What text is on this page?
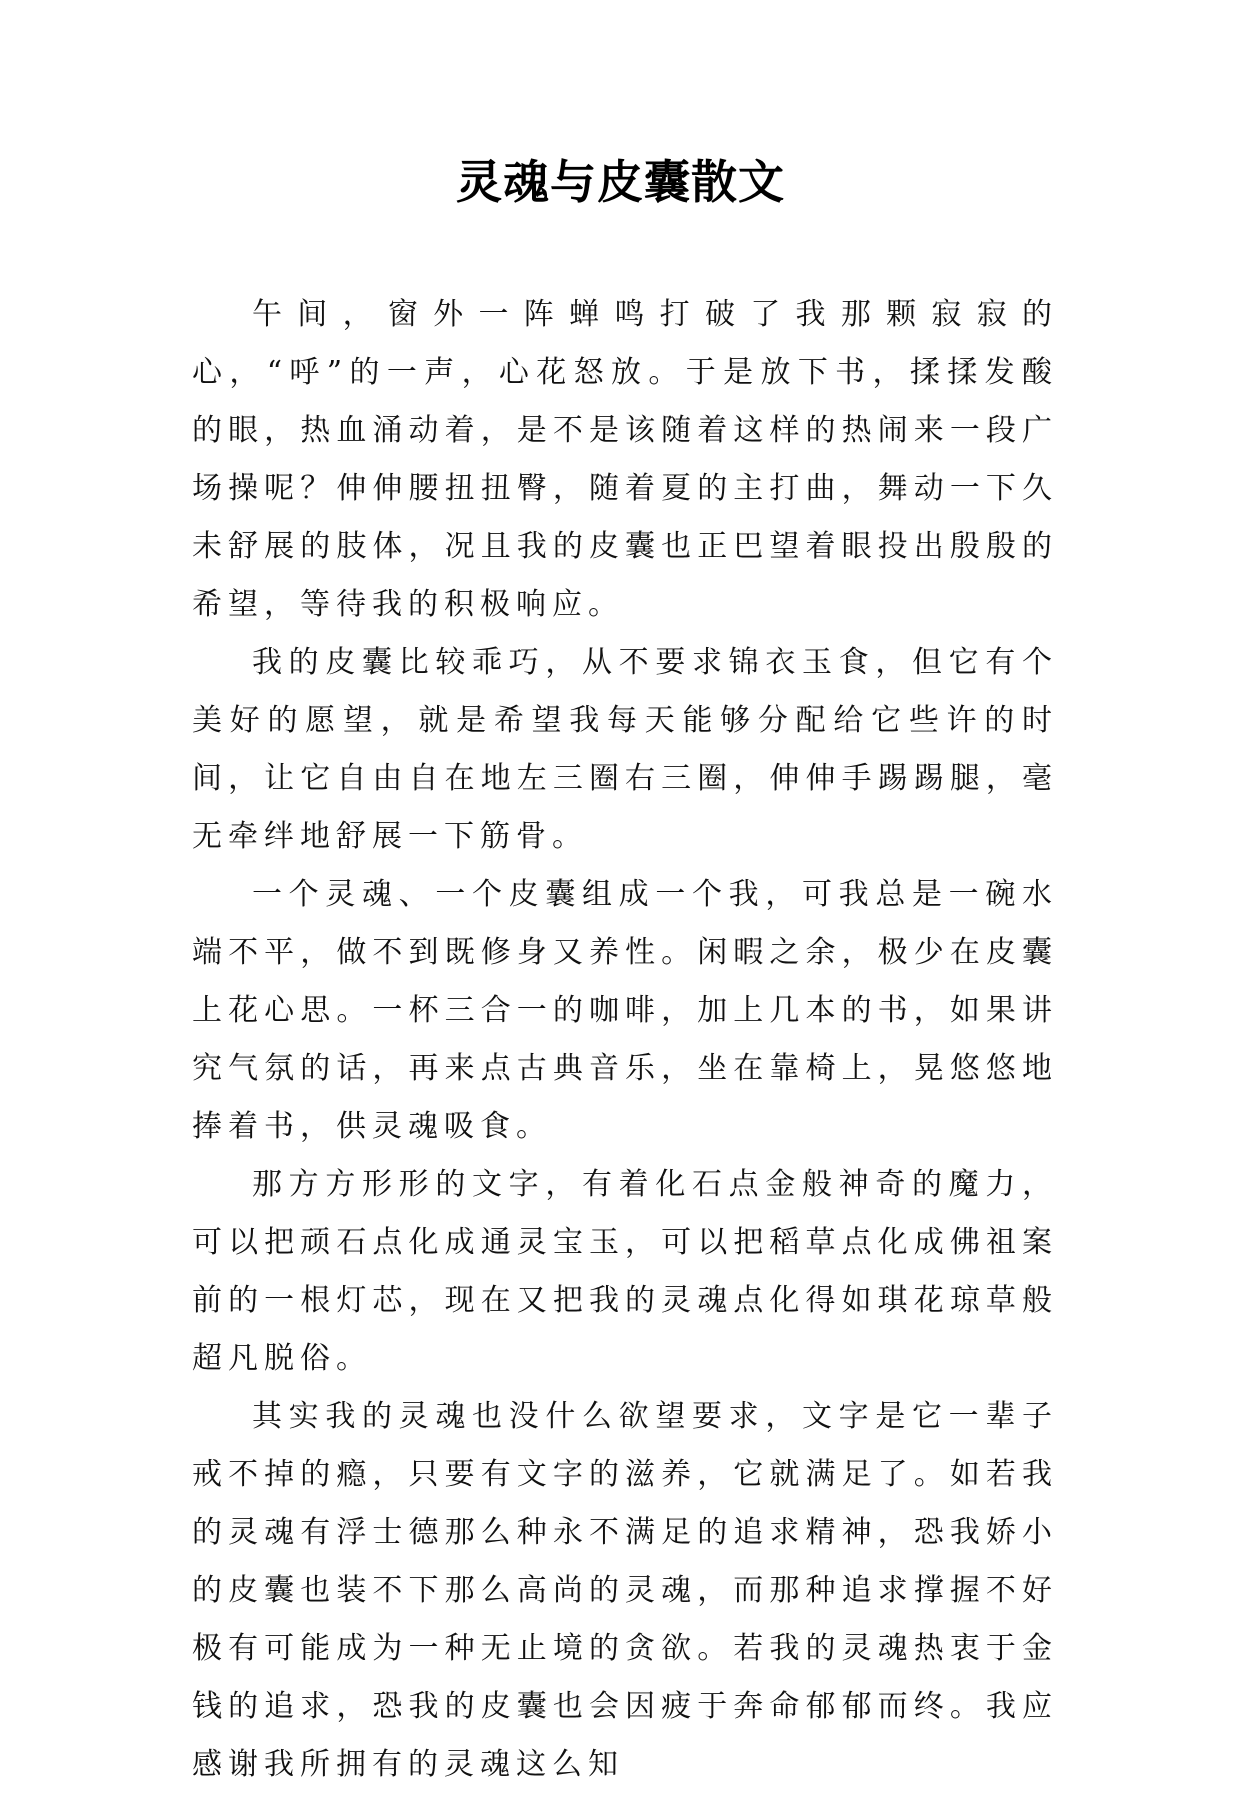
灵魂与皮囊散文

午间，窗外一阵蝉鸣打破了我那颗寂寂的心，“呼”的一声，心花怒放。于是放下书，揉揉发酸的眼，热血涌动着，是不是该随着这样的热闹来一段广场操呢？伸伸腰扭扭臀，随着夏的主打曲，舞动一下久未舒展的肢体，况且我的皮囊也正巴望着眼投出殷殷的希望，等待我的积极响应。

我的皮囊比较乖巧，从不要求锦衣玉食，但它有个美好的愿望，就是希望我每天能够分配给它些许的时间，让它自由自在地左三圈右三圈，伸伸手踢踢腿，毫无牵绊地舒展一下筋骨。

一个灵魂、一个皮囊组成一个我，可我总是一碗水端不平，做不到既修身又养性。闲暇之余，极少在皮囊上花心思。一杯三合一的咖啡，加上几本的书，如果讲究气氛的话，再来点古典音乐，坐在靠椅上，晃悠悠地捧着书，供灵魂吸食。

那方方形形的文字，有着化石点金般神奇的魔力，可以把顽石点化成通灵宝玉，可以把稻草点化成佛祖案前的一根灯芯，现在又把我的灵魂点化得如琪花琼草般超凡脱俗。

其实我的灵魂也没什么欲望要求，文字是它一辈子戒不掉的瘾，只要有文字的滋养，它就满足了。如若我的灵魂有浮士德那么种永不满足的追求精神，恐我娇小的皮囊也装不下那么高尚的灵魂，而那种追求撑握不好极有可能成为一种无止境的贪欲。若我的灵魂热衷于金钱的追求，恐我的皮囊也会因疲于奔命郁郁而终。我应感谢我所拥有的灵魂这么知
